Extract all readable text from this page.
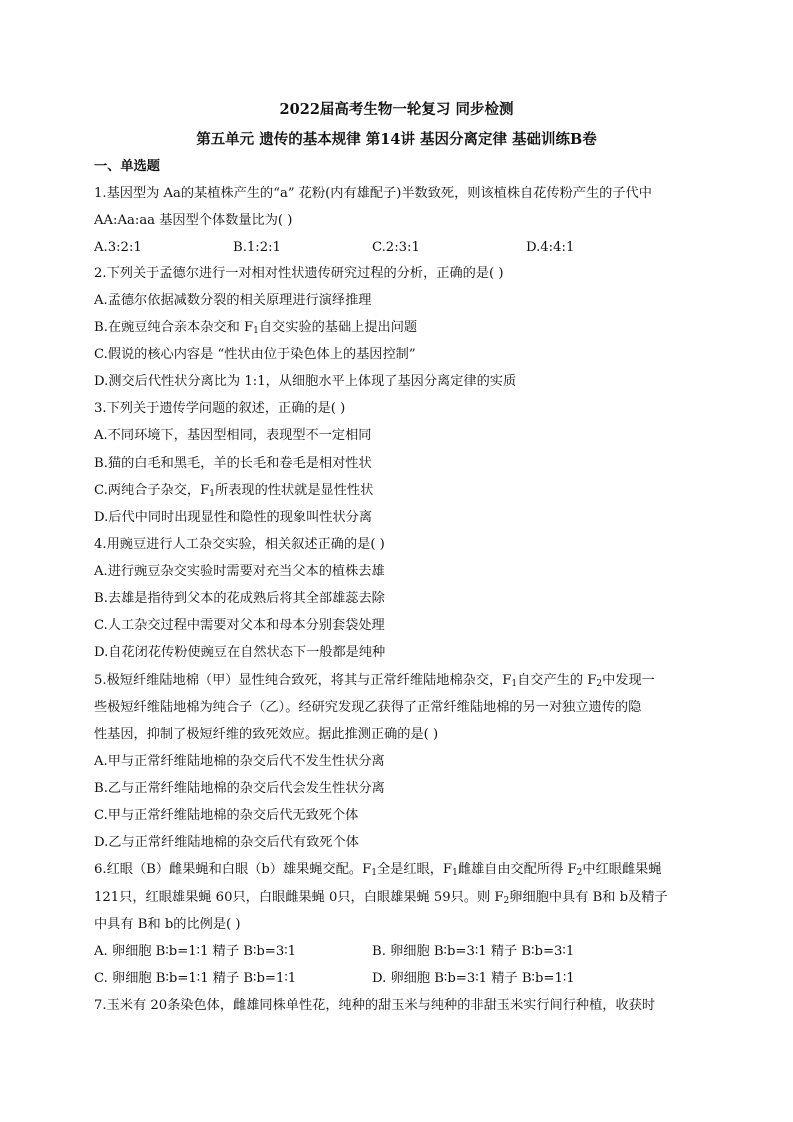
2022届高考生物一轮复习 同步检测
第五单元 遗传的基本规律 第14讲 基因分离定律 基础训练B卷
一、单选题
1.基因型为 Aa的某植株产生的“a” 花粉(内有雄配子)半数致死，则该植株自花传粉产生的子代中
AA:Aa:aa 基因型个体数量比为( )
A.3:2:1	B.1:2:1	C.2:3:1	D.4:4:1
2.下列关于孟德尔进行一对相对性状遗传研究过程的分析，正确的是( )
A.孟德尔依据减数分裂的相关原理进行演绎推理
B.在豌豆纯合亲本杂交和 $F_1$自交实验的基础上提出问题
C.假说的核心内容是 “性状由位于染色体上的基因控制”
D.测交后代性状分离比为 1:1，从细胞水平上体现了基因分离定律的实质
3.下列关于遗传学问题的叙述，正确的是( )
A.不同环境下，基因型相同，表现型不一定相同
B.猫的白毛和黑毛，羊的长毛和卷毛是相对性状
C.两纯合子杂交，$F_1$所表现的性状就是显性性状
D.后代中同时出现显性和隐性的现象叫性状分离
4.用豌豆进行人工杂交实验，相关叙述正确的是( )
A.进行豌豆杂交实验时需要对充当父本的植株去雄
B.去雄是指待到父本的花成熟后将其全部雄蕊去除
C.人工杂交过程中需要对父本和母本分别套袋处理
D.自花闭花传粉使豌豆在自然状态下一般都是纯种
5.极短纤维陆地棉（甲）显性纯合致死，将其与正常纤维陆地棉杂交，$F_1$自交产生的 $F_2$中发现一
些极短纤维陆地棉为纯合子（乙）。经研究发现乙获得了正常纤维陆地棉的另一对独立遗传的隐
性基因，抑制了极短纤维的致死效应。据此推测正确的是( )
A.甲与正常纤维陆地棉的杂交后代不发生性状分离
B.乙与正常纤维陆地棉的杂交后代会发生性状分离
C.甲与正常纤维陆地棉的杂交后代无致死个体
D.乙与正常纤维陆地棉的杂交后代有致死个体
6.红眼（B）雌果蝇和白眼（b）雄果蝇交配。$F_1$全是红眼，$F_1$雌雄自由交配所得 $F_2$中红眼雌果蝇
121只，红眼雄果蝇 60只，白眼雌果蝇 0只，白眼雄果蝇 59只。则 $F_2$卵细胞中具有 B和 b及精子
中具有 B和 b的比例是( )
A. 卵细胞 B∶b=1∶1 精子 B∶b=3∶1	B. 卵细胞 B∶b=3∶1 精子 B∶b=3∶1
C. 卵细胞 B∶b=1∶1 精子 B∶b=1∶1	D. 卵细胞 B∶b=3∶1 精子 B∶b=1∶1
7.玉米有 20条染色体，雌雄同株单性花，纯种的甜玉米与纯种的非甜玉米实行间行种植，收获时
